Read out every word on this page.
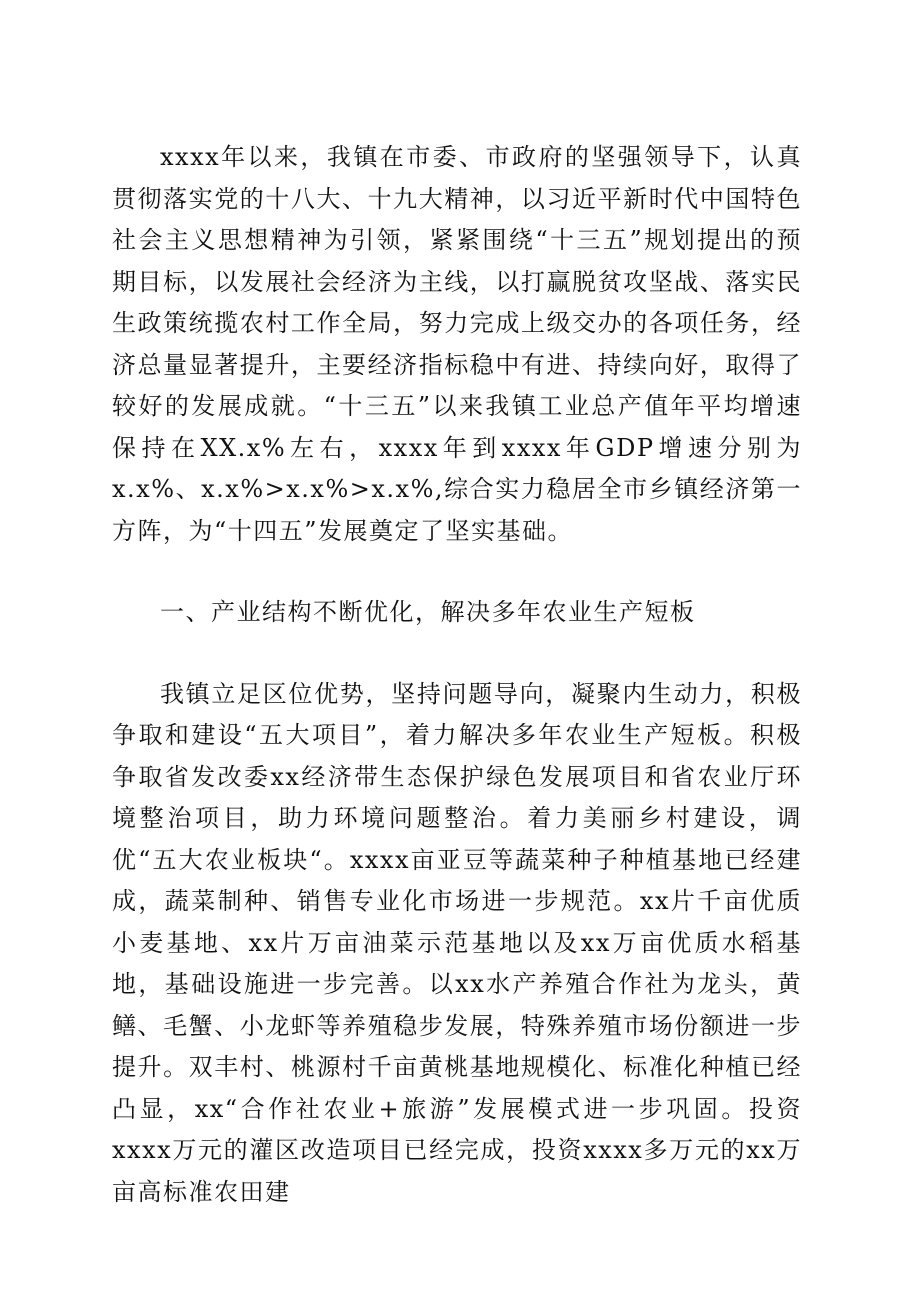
xxxx年以来，我镇在市委、市政府的坚强领导下，认真贯彻落实党的十八大、十九大精神，以习近平新时代中国特色社会主义思想精神为引领，紧紧围绕“十三五”规划提出的预期目标，以发展社会经济为主线，以打赢脱贫攻坚战、落实民生政策统揽农村工作全局，努力完成上级交办的各项任务，经济总量显著提升，主要经济指标稳中有进、持续向好，取得了较好的发展成就。“十三五”以来我镇工业总产值年平均增速保持在XX.x%左右，xxxx年到xxxx年GDP增速分别为x.x%、x.x%>x.x%>x.x%,综合实力稳居全市乡镇经济第一方阵，为“十四五”发展奠定了坚实基础。

一、产业结构不断优化，解决多年农业生产短板

我镇立足区位优势，坚持问题导向，凝聚内生动力，积极争取和建设“五大项目”，着力解决多年农业生产短板。积极争取省发改委xx经济带生态保护绿色发展项目和省农业厅环境整治项目，助力环境问题整治。着力美丽乡村建设，调优“五大农业板块“。xxxx亩亚豆等蔬菜种子种植基地已经建成，蔬菜制种、销售专业化市场进一步规范。xx片千亩优质小麦基地、xx片万亩油菜示范基地以及xx万亩优质水稻基地，基础设施进一步完善。以xx水产养殖合作社为龙头，黄鳝、毛蟹、小龙虾等养殖稳步发展，特殊养殖市场份额进一步提升。双丰村、桃源村千亩黄桃基地规模化、标准化种植已经凸显，xx“合作社农业+旅游”发展模式进一步巩固。投资xxxx万元的灌区改造项目已经完成，投资xxxx多万元的xx万亩高标准农田建
